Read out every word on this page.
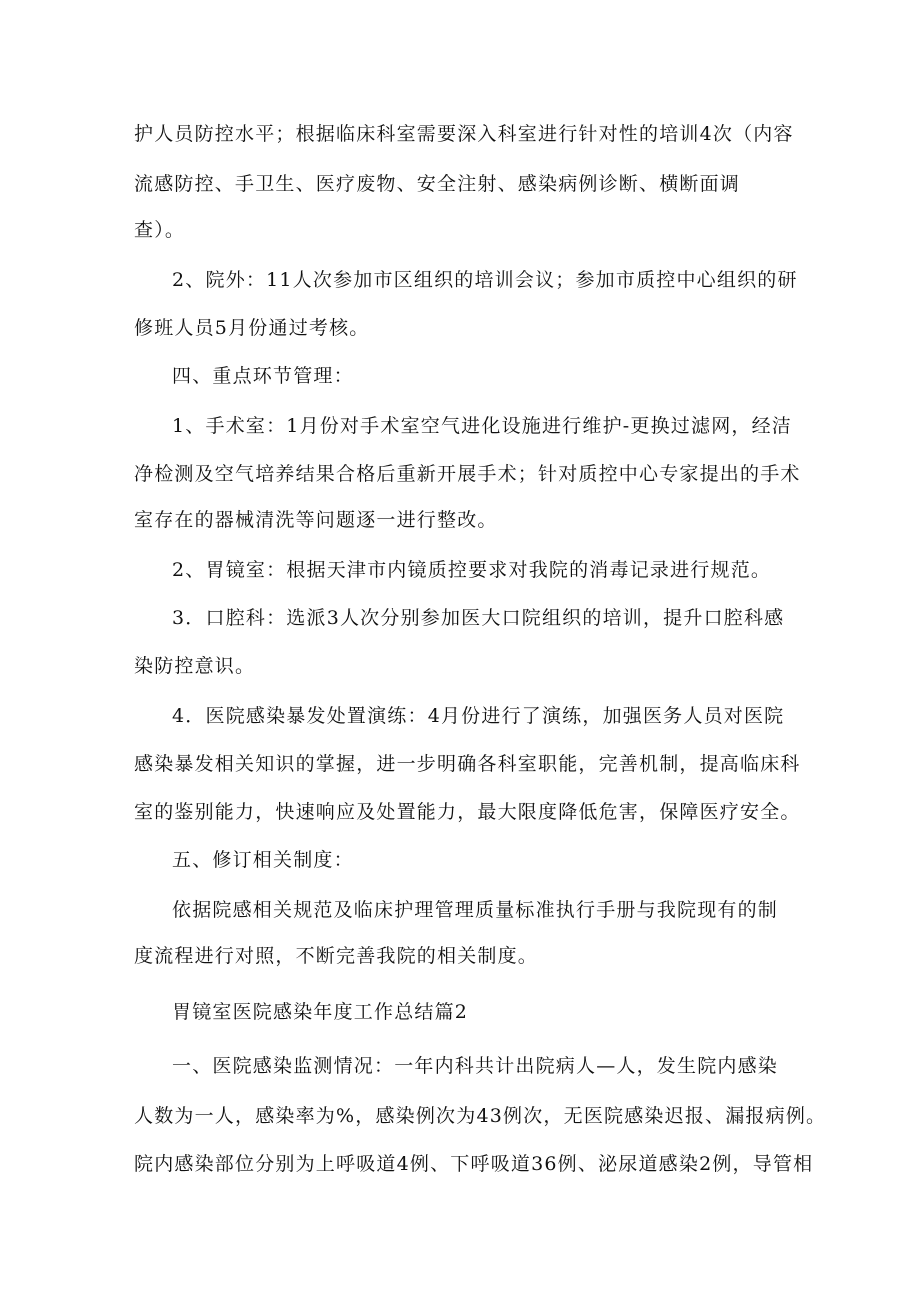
护人员防控水平；根据临床科室需要深入科室进行针对性的培训4次（内容
流感防控、手卫生、医疗废物、安全注射、感染病例诊断、横断面调
查）。
2、院外：11人次参加市区组织的培训会议；参加市质控中心组织的研
修班人员5月份通过考核。
四、重点环节管理：
1、手术室：1月份对手术室空气进化设施进行维护-更换过滤网，经洁
净检测及空气培养结果合格后重新开展手术；针对质控中心专家提出的手术
室存在的器械清洗等问题逐一进行整改。
2、胃镜室：根据天津市内镜质控要求对我院的消毒记录进行规范。
3．口腔科：选派3人次分别参加医大口院组织的培训，提升口腔科感
染防控意识。
4．医院感染暴发处置演练：4月份进行了演练，加强医务人员对医院
感染暴发相关知识的掌握，进一步明确各科室职能，完善机制，提高临床科
室的鉴别能力，快速响应及处置能力，最大限度降低危害，保障医疗安全。
五、修订相关制度：
依据院感相关规范及临床护理管理质量标准执行手册与我院现有的制
度流程进行对照，不断完善我院的相关制度。
胃镜室医院感染年度工作总结篇2
一、医院感染监测情况：一年内科共计出院病人—人，发生院内感染
人数为一人，感染率为%，感染例次为43例次，无医院感染迟报、漏报病例。
院内感染部位分别为上呼吸道4例、下呼吸道36例、泌尿道感染2例，导管相
